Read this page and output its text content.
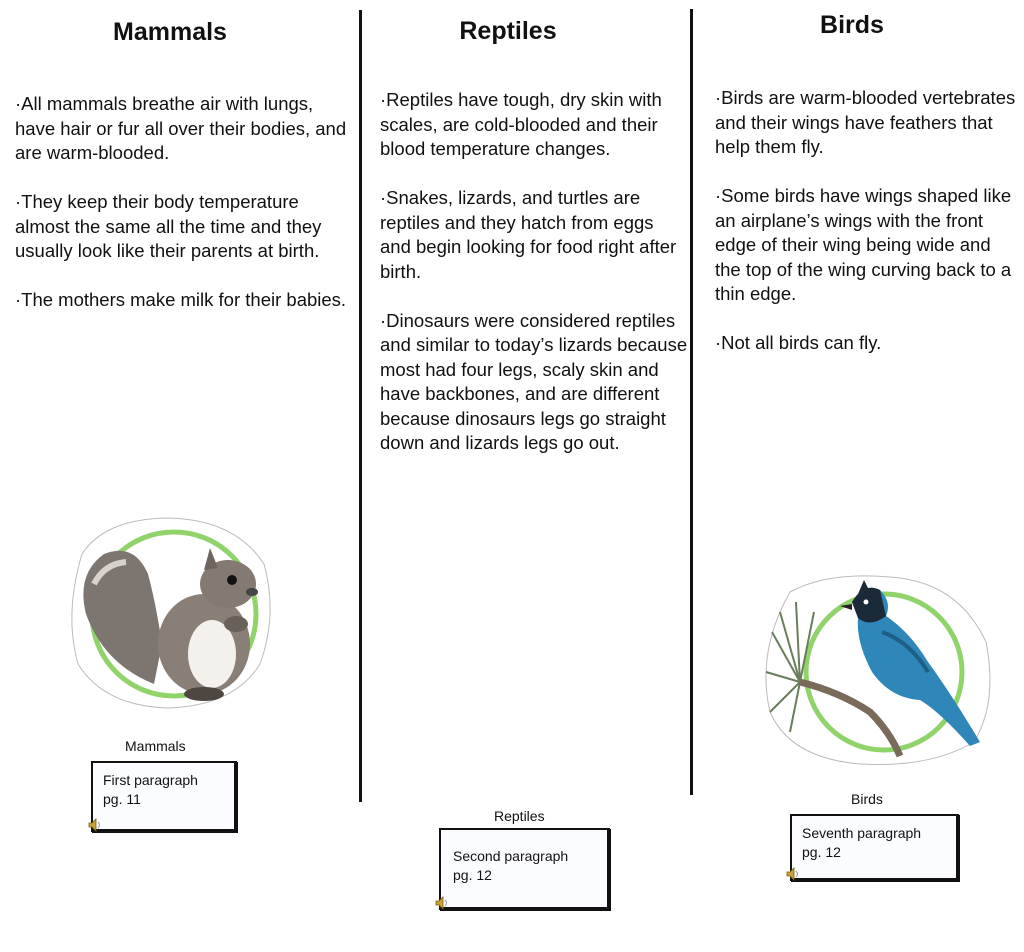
Mammals	Reptiles	Birds

·All mammals breathe air with lungs, have hair or fur all over their bodies, and are warm-blooded.

·They keep their body temperature almost the same all the time and they usually look like their parents at birth.

·The mothers make milk for their babies.

·Reptiles have tough, dry skin with scales, are cold-blooded and their blood temperature changes.

·Snakes, lizards, and turtles are reptiles and they hatch from eggs and begin looking for food right after birth.

·Dinosaurs were considered reptiles and similar to today’s lizards because most had four legs, scaly skin and have backbones, and are different because dinosaurs legs go straight down and lizards legs go out.

·Birds are warm-blooded vertebrates and their wings have feathers that help them fly.

·Some birds have wings shaped like an airplane’s wings with the front edge of their wing being wide and the top of the wing curving back to a thin edge.

·Not all birds can fly.

Mammals
Reptiles
Birds
First paragraph
pg. 11
Second paragraph
pg. 12
Seventh paragraph
pg. 12
